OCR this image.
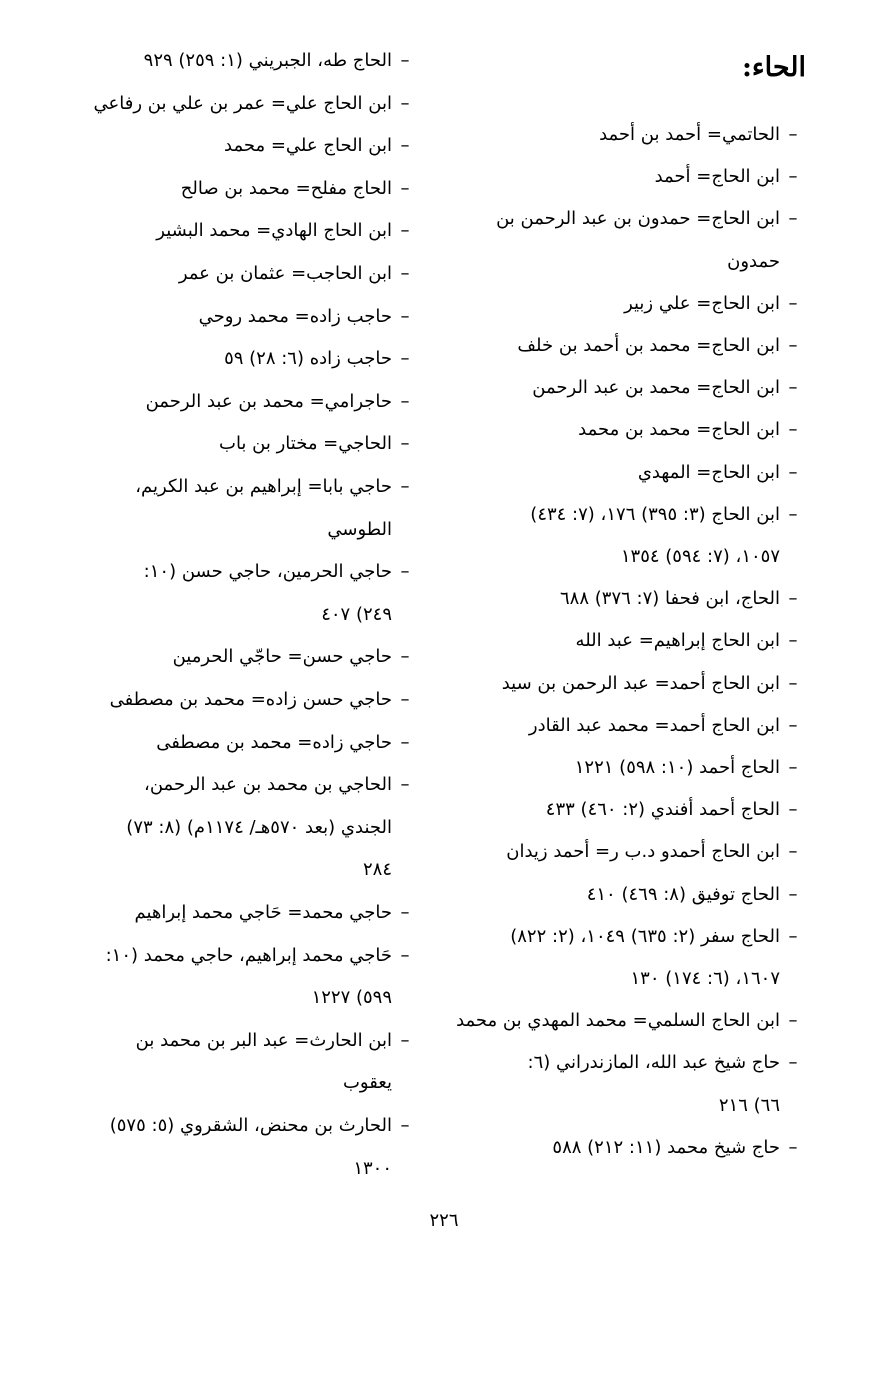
الحاء:
–الحاتمي= أحمد بن أحمد
–ابن الحاج= أحمد
–ابن الحاج= حمدون بن عبد الرحمن بن
حمدون
–ابن الحاج= علي زبير
–ابن الحاج= محمد بن أحمد بن خلف
–ابن الحاج= محمد بن عبد الرحمن
–ابن الحاج= محمد بن محمد
–ابن الحاج= المهدي
–ابن الحاج (٣: ٣٩٥) ١٧٦، (٧: ٤٣٤)
١٠٥٧، (٧: ٥٩٤) ١٣٥٤
–الحاج، ابن فحفا (٧: ٣٧٦) ٦٨٨
–ابن الحاج إبراهيم= عبد الله
–ابن الحاج أحمد= عبد الرحمن بن سيد
–ابن الحاج أحمد= محمد عبد القادر
–الحاج أحمد (١٠: ٥٩٨) ١٢٢١
–الحاج أحمد أفندي (٢: ٤٦٠) ٤٣٣
–ابن الحاج أحمدو د.ب ر= أحمد زيدان
–الحاج توفيق (٨: ٤٦٩) ٤١٠
–الحاج سفر (٢: ٦٣٥) ١٠٤٩، (٢: ٨٢٢)
١٦٠٧، (٦: ١٧٤) ١٣٠
–ابن الحاج السلمي= محمد المهدي بن محمد
–حاج شيخ عبد الله، المازندراني (٦:
٦٦) ٢١٦
–حاج شيخ محمد (١١: ٢١٢) ٥٨٨
–الحاج طه، الجبريني (١: ٢٥٩) ٩٢٩
–ابن الحاج علي= عمر بن علي بن رفاعي
–ابن الحاج علي= محمد
–الحاج مفلح= محمد بن صالح
–ابن الحاج الهادي= محمد البشير
–ابن الحاجب= عثمان بن عمر
–حاجب زاده= محمد روحي
–حاجب زاده (٦: ٢٨) ٥٩
–حاجرامي= محمد بن عبد الرحمن
–الحاجي= مختار بن باب
–حاجي بابا= إبراهيم بن عبد الكريم،
الطوسي
–حاجي الحرمين، حاجي حسن (١٠:
٢٤٩) ٤٠٧
–حاجي حسن= حاجّي الحرمين
–حاجي حسن زاده= محمد بن مصطفى
–حاجي زاده= محمد بن مصطفى
–الحاجي بن محمد بن عبد الرحمن،
الجندي (بعد ٥٧٠هـ/ ١١٧٤م) (٨: ٧٣)
٢٨٤
–حاجي محمد= حَاجي محمد إبراهيم
–حَاجي محمد إبراهيم، حاجي محمد (١٠:
٥٩٩) ١٢٢٧
–ابن الحارث= عبد البر بن محمد بن
يعقوب
–الحارث بن محنض، الشقروي (٥: ٥٧٥)
١٣٠٠
٢٢٦
